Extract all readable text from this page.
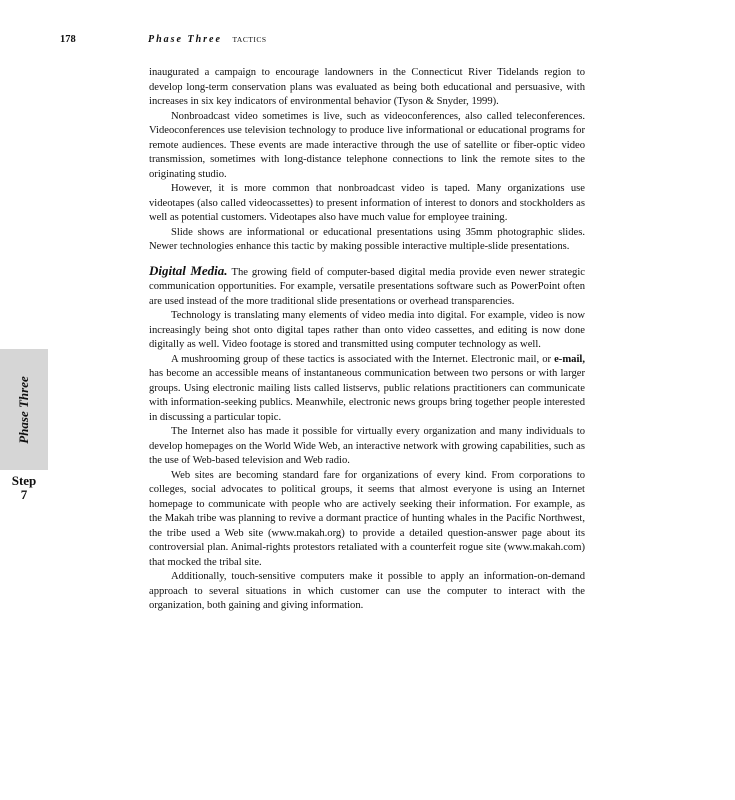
178	Phase Three TACTICS
Phase Three
Step
7

inaugurated a campaign to encourage landowners in the Connecticut River Tidelands region to develop long-term conservation plans was evaluated as being both educational and persuasive, with increases in six key indicators of environmental behavior (Tyson & Snyder, 1999).

Nonbroadcast video sometimes is live, such as videoconferences, also called teleconferences. Videoconferences use television technology to produce live informational or educational programs for remote audiences. These events are made interactive through the use of satellite or fiber-optic video transmission, sometimes with long-distance telephone connections to link the remote sites to the originating studio.

However, it is more common that nonbroadcast video is taped. Many organizations use videotapes (also called videocassettes) to present information of interest to donors and stockholders as well as potential customers. Videotapes also have much value for employee training.

Slide shows are informational or educational presentations using 35mm photographic slides. Newer technologies enhance this tactic by making possible interactive multiple-slide presentations.

Digital Media. The growing field of computer-based digital media provide even newer strategic communication opportunities. For example, versatile presentations software such as PowerPoint often are used instead of the more traditional slide presentations or overhead transparencies.

Technology is translating many elements of video media into digital. For example, video is now increasingly being shot onto digital tapes rather than onto video cassettes, and editing is now done digitally as well. Video footage is stored and transmitted using computer technology as well.

A mushrooming group of these tactics is associated with the Internet. Electronic mail, or e-mail, has become an accessible means of instantaneous communication between two persons or with larger groups. Using electronic mailing lists called listservs, public relations practitioners can communicate with information-seeking publics. Meanwhile, electronic news groups bring together people interested in discussing a particular topic.

The Internet also has made it possible for virtually every organization and many individuals to develop homepages on the World Wide Web, an interactive network with growing capabilities, such as the use of Web-based television and Web radio.

Web sites are becoming standard fare for organizations of every kind. From corporations to colleges, social advocates to political groups, it seems that almost everyone is using an Internet homepage to communicate with people who are actively seeking their information. For example, as the Makah tribe was planning to revive a dormant practice of hunting whales in the Pacific Northwest, the tribe used a Web site (www.makah.org) to provide a detailed question-answer page about its controversial plan. Animal-rights protestors retaliated with a counterfeit rogue site (www.makah.com) that mocked the tribal site.

Additionally, touch-sensitive computers make it possible to apply an information-on-demand approach to several situations in which customer can use the computer to interact with the organization, both gaining and giving information.
